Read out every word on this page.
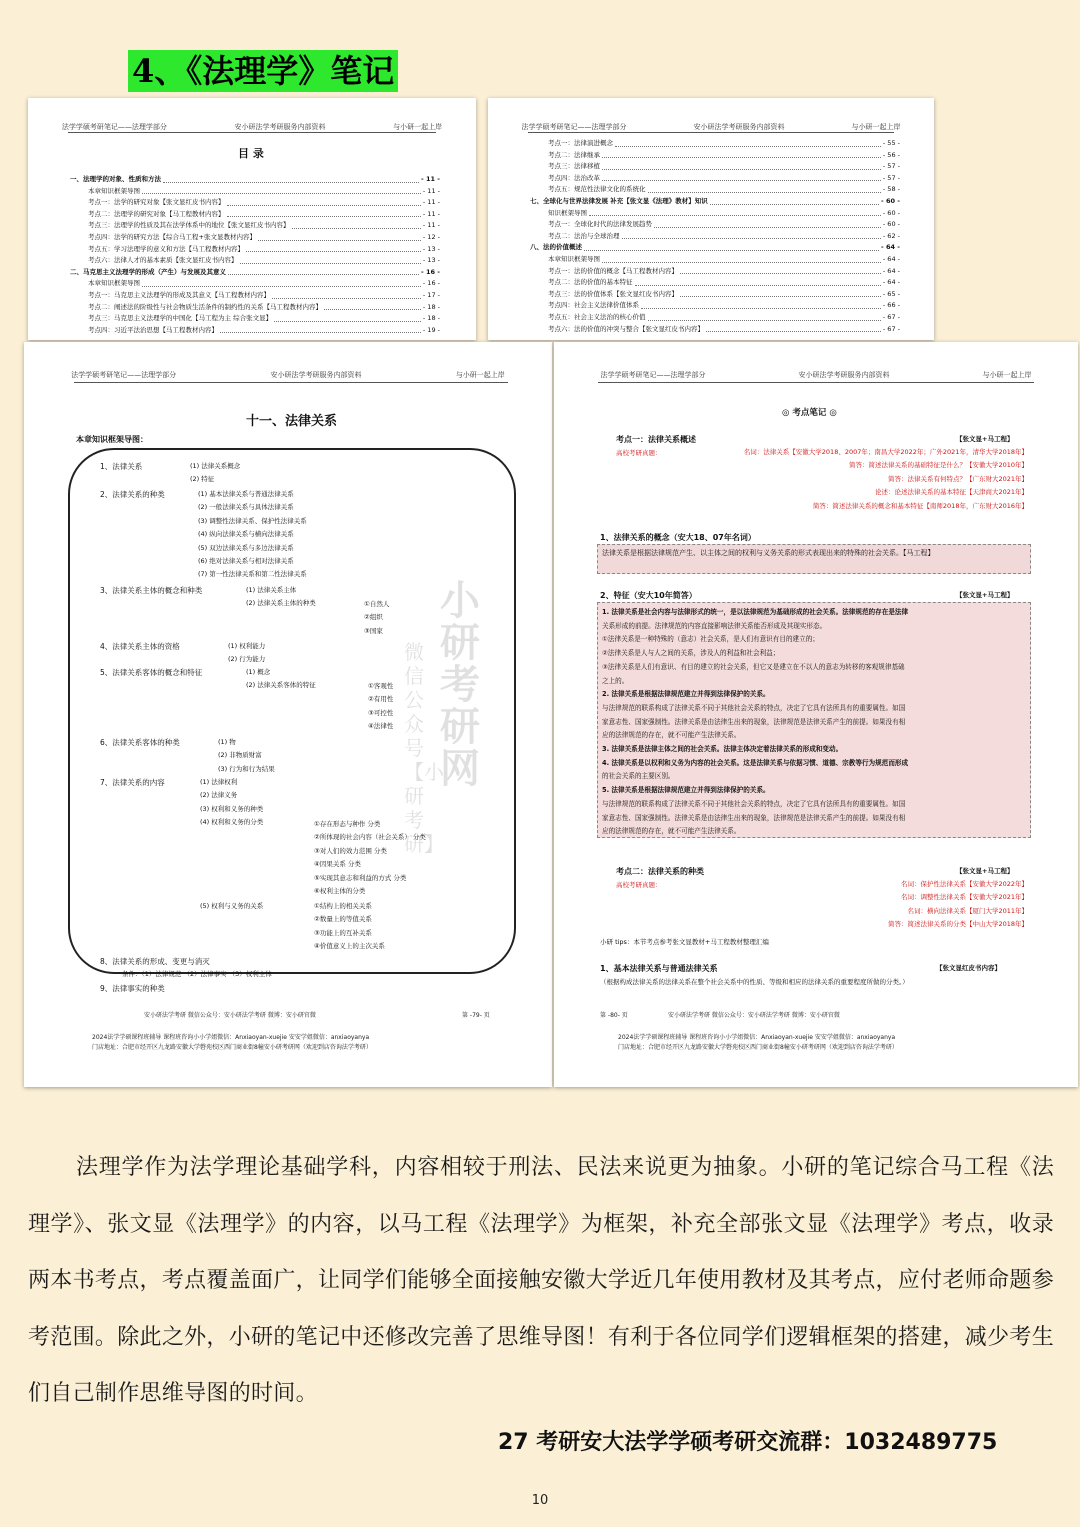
4、《法理学》笔记
法学学硕考研笔记——法理学部分	安小研法学考研服务内部资料	与小研一起上岸
目 录
一、法理学的对象、性质和方法	- 11 -
本章知识框架导图	- 11 -
考点一：法学的研究对象【张文显红皮书内容】	- 11 -
考点二：法理学的研究对象【马工程教材内容】	- 11 -
考点三：法理学的性质及其在法学体系中的地位【张文显红皮书内容】	- 11 -
考点四：法学的研究方法【综合马工程+张文显教材内容】	- 12 -
考点五：学习法理学的意义和方法【马工程教材内容】	- 13 -
考点六：法律人才的基本素质【张文显红皮书内容】	- 13 -
二、马克思主义法理学的形成（产生）与发展及其意义	- 16 -
本章知识框架导图	- 16 -
考点一：马克思主义法理学的形成及其意义【马工程教材内容】	- 17 -
考点二：阐述法的阶级性与社会物质生活条件的制约性的关系【马工程教材内容】	- 18 -
考点三：马克思主义法理学的中国化【马工程为主 综合张文显】	- 18 -
考点四：习近平法治思想【马工程教材内容】	- 19 -
法学学硕考研笔记——法理学部分	安小研法学考研服务内部资料	与小研一起上岸
考点一：法律演进概念	- 55 -
考点二：法律继承	- 56 -
考点三：法律移植	- 57 -
考点四：法治改革	- 57 -
考点五：规范性法律文化的系统化	- 58 -
七、全球化与世界法律发展 补充【张文显《法理》教材】知识	- 60 -
知识框架导图	- 60 -
考点一：全球化时代的法律发展趋势	- 60 -
考点二：法治与全球治理	- 62 -
八、法的价值概述	- 64 -
本章知识框架导图	- 64 -
考点一：法的价值的概念【马工程教材内容】	- 64 -
考点二：法的价值的基本特征	- 64 -
考点三：法的价值体系【张文显红皮书内容】	- 65 -
考点四：社会主义法律价值体系	- 66 -
考点五：社会主义法治的核心价值	- 67 -
考点六：法的价值的冲突与整合【张文显红皮书内容】	- 67 -
法学学硕考研笔记——法理学部分	安小研法学考研服务内部资料	与小研一起上岸
十一、法律关系
本章知识框架导图：
小研考研网
微信公众号【小研考研】
1、法律关系
2、法律关系的种类
3、法律关系主体的概念和种类
4、法律关系主体的资格
5、法律关系客体的概念和特征
6、法律关系客体的种类
7、法律关系的内容
8、法律关系的形成、变更与消灭
9、法律事实的种类
(1) 法律关系概念
(2) 特征
(1) 基本法律关系与普通法律关系
(2) 一般法律关系与具体法律关系
(3) 调整性法律关系、保护性法律关系
(4) 纵向法律关系与横向法律关系
(5) 双边法律关系与多边法律关系
(6) 绝对法律关系与相对法律关系
(7) 第一性法律关系和第二性法律关系
(1) 法律关系主体
(2) 法律关系主体的种类	①自然人
②组织
③国家
(1) 权利能力
(2) 行为能力
(1) 概念
(2) 法律关系客体的特征	①客观性
②有用性
③可控性
④法律性
(1) 物
(2) 非物质财富
(3) 行为和行为结果
(1) 法律权利
(2) 法律义务
(3) 权利和义务的种类
(4) 权利和义务的分类	①存在形态与种作 分类
②所体现的社会内容（社会关系） 分类
③对人们的效力范围 分类
④因果关系 分类
⑤实现其意志和利益的方式 分类
⑥权利主体的分类
(5) 权利与义务的关系	①结构上的相关关系
②数量上的等值关系
③功能上的互补关系
④价值意义上的主次关系
条件：（1）法律规范 （2）法律事实 （3）权利主体
安小研法学考研 微信公众号：安小研法学考研 微博：安小研官微	第 -79- 页
2024法学学硕课程班辅导 课程班咨询小小学姐微信：Anxiaoyan-xuejie 安安学姐微信：anxiaoyanya
门店地址：合肥市经开区九龙路安徽大学磬苑校区西门商业街8幢安小研考研网（欢迎到店咨询法学考研）
法学学硕考研笔记——法理学部分	安小研法学考研服务内部资料	与小研一起上岸
◎ 考点笔记 ◎
考点一：法律关系概述	【张文显+马工程】
高校考研真题：	名词：法律关系【安徽大学2018、2007年；南昌大学2022年；广外2021年，清华大学2018年】
简答：简述法律关系的基础特征是什么？【安徽大学2010年】
简答：法律关系有何特点？【广东财大2021年】
论述：论述法律关系的基本特征【天津商大2021年】
简答：简述法律关系的概念和基本特征【南师2018年，广东财大2016年】
1、法律关系的概念（安大18、07年名词）
法律关系是根据法律规范产生、以主体之间的权利与义务关系的形式表现出来的特殊的社会关系。【马工程】
2、特征（安大10年简答）	【张文显+马工程】
1. 法律关系是社会内容与法律形式的统一，是以法律规范为基础形成的社会关系。法律规范的存在是法律
关系形成的前提。法律规范的内容直接影响法律关系能否形成及其现实形态。
①法律关系是一种特殊的（意志）社会关系，是人们有意识有目的建立的；
②法律关系是人与人之间的关系，涉及人的利益和社会利益；
③法律关系是人们有意识、有目的建立的社会关系，但它又是建立在不以人的意志为转移的客观规律基础
之上的。
2. 法律关系是根据法律规范建立并得到法律保护的关系。
与法律规范的联系构成了法律关系不同于其他社会关系的特点，决定了它具有法所具有的重要属性。如国
家意志性、国家强制性。法律关系是由法律生出来的现象，法律规范是法律关系产生的前提。如果没有相
应的法律规范的存在，就不可能产生法律关系。
3. 法律关系是法律主体之间的社会关系。法律主体决定着法律关系的形成和变动。
4. 法律关系是以权利和义务为内容的社会关系。这是法律关系与依据习惯、道德、宗教等行为规范而形成
的社会关系的主要区别。
5. 法律关系是根据法律规范建立并得到法律保护的关系。
与法律规范的联系构成了法律关系不同于其他社会关系的特点，决定了它具有法所具有的重要属性。如国
家意志性、国家强制性。法律关系是由法律生出来的现象，法律规范是法律关系产生的前提。如果没有相
应的法律规范的存在，就不可能产生法律关系。
考点二：法律关系的种类	【张文显+马工程】
高校考研真题：	名词：保护性法律关系【安徽大学2022年】
名词：调整性法律关系【安徽大学2021年】
名词：横向法律关系【厦门大学2011年】
简答：简述法律关系的分类【中山大学2018年】
小研 tips：本节考点参考张文显教材+马工程教材整理汇编
1、基本法律关系与普通法律关系	【张文显红皮书内容】
（根据构成法律关系的法律关系在整个社会关系中的性质、等级和相应的法律关系的重要程度所做的分类。）
第 -80- 页	安小研法学考研 微信公众号：安小研法学考研 微博：安小研官微
2024法学学硕课程班辅导 课程班咨询小小学姐微信：Anxiaoyan-xuejie 安安学姐微信：anxiaoyanya
门店地址：合肥市经开区九龙路安徽大学磬苑校区西门商业街8幢安小研考研网（欢迎到店咨询法学考研）

法理学作为法学理论基础学科，内容相较于刑法、民法来说更为抽象。小研的笔记综合马工程《法理学》、张文显《法理学》的内容，以马工程《法理学》为框架，补充全部张文显《法理学》考点，收录两本书考点，考点覆盖面广，让同学们能够全面接触安徽大学近几年使用教材及其考点，应付老师命题参考范围。除此之外，小研的笔记中还修改完善了思维导图！有利于各位同学们逻辑框架的搭建，减少考生们自己制作思维导图的时间。

27 考研安大法学学硕考研交流群：1032489775
10
